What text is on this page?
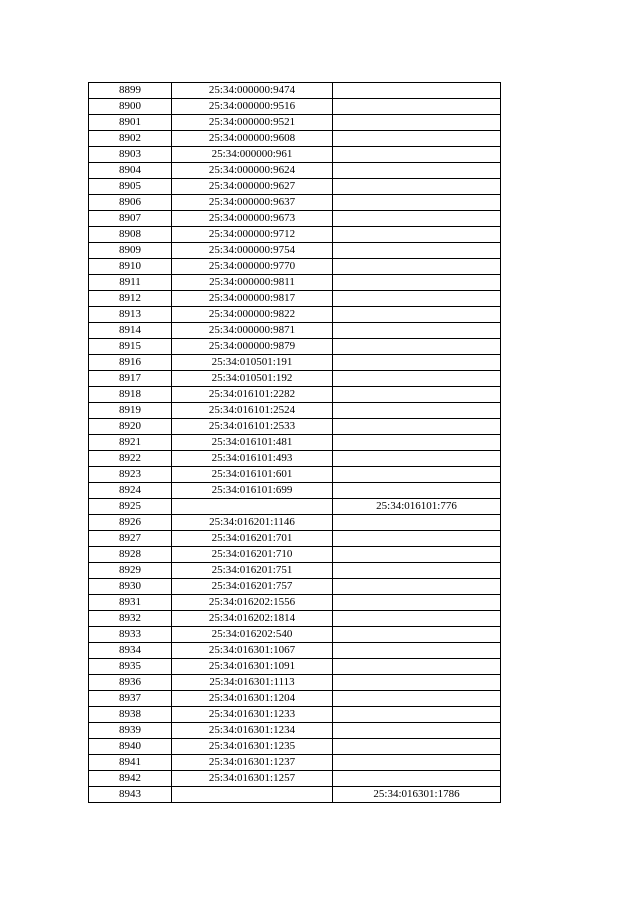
8899	25:34:000000:9474	
8900	25:34:000000:9516	
8901	25:34:000000:9521	
8902	25:34:000000:9608	
8903	25:34:000000:961	
8904	25:34:000000:9624	
8905	25:34:000000:9627	
8906	25:34:000000:9637	
8907	25:34:000000:9673	
8908	25:34:000000:9712	
8909	25:34:000000:9754	
8910	25:34:000000:9770	
8911	25:34:000000:9811	
8912	25:34:000000:9817	
8913	25:34:000000:9822	
8914	25:34:000000:9871	
8915	25:34:000000:9879	
8916	25:34:010501:191	
8917	25:34:010501:192	
8918	25:34:016101:2282	
8919	25:34:016101:2524	
8920	25:34:016101:2533	
8921	25:34:016101:481	
8922	25:34:016101:493	
8923	25:34:016101:601	
8924	25:34:016101:699	
8925		25:34:016101:776
8926	25:34:016201:1146	
8927	25:34:016201:701	
8928	25:34:016201:710	
8929	25:34:016201:751	
8930	25:34:016201:757	
8931	25:34:016202:1556	
8932	25:34:016202:1814	
8933	25:34:016202:540	
8934	25:34:016301:1067	
8935	25:34:016301:1091	
8936	25:34:016301:1113	
8937	25:34:016301:1204	
8938	25:34:016301:1233	
8939	25:34:016301:1234	
8940	25:34:016301:1235	
8941	25:34:016301:1237	
8942	25:34:016301:1257	
8943		25:34:016301:1786
